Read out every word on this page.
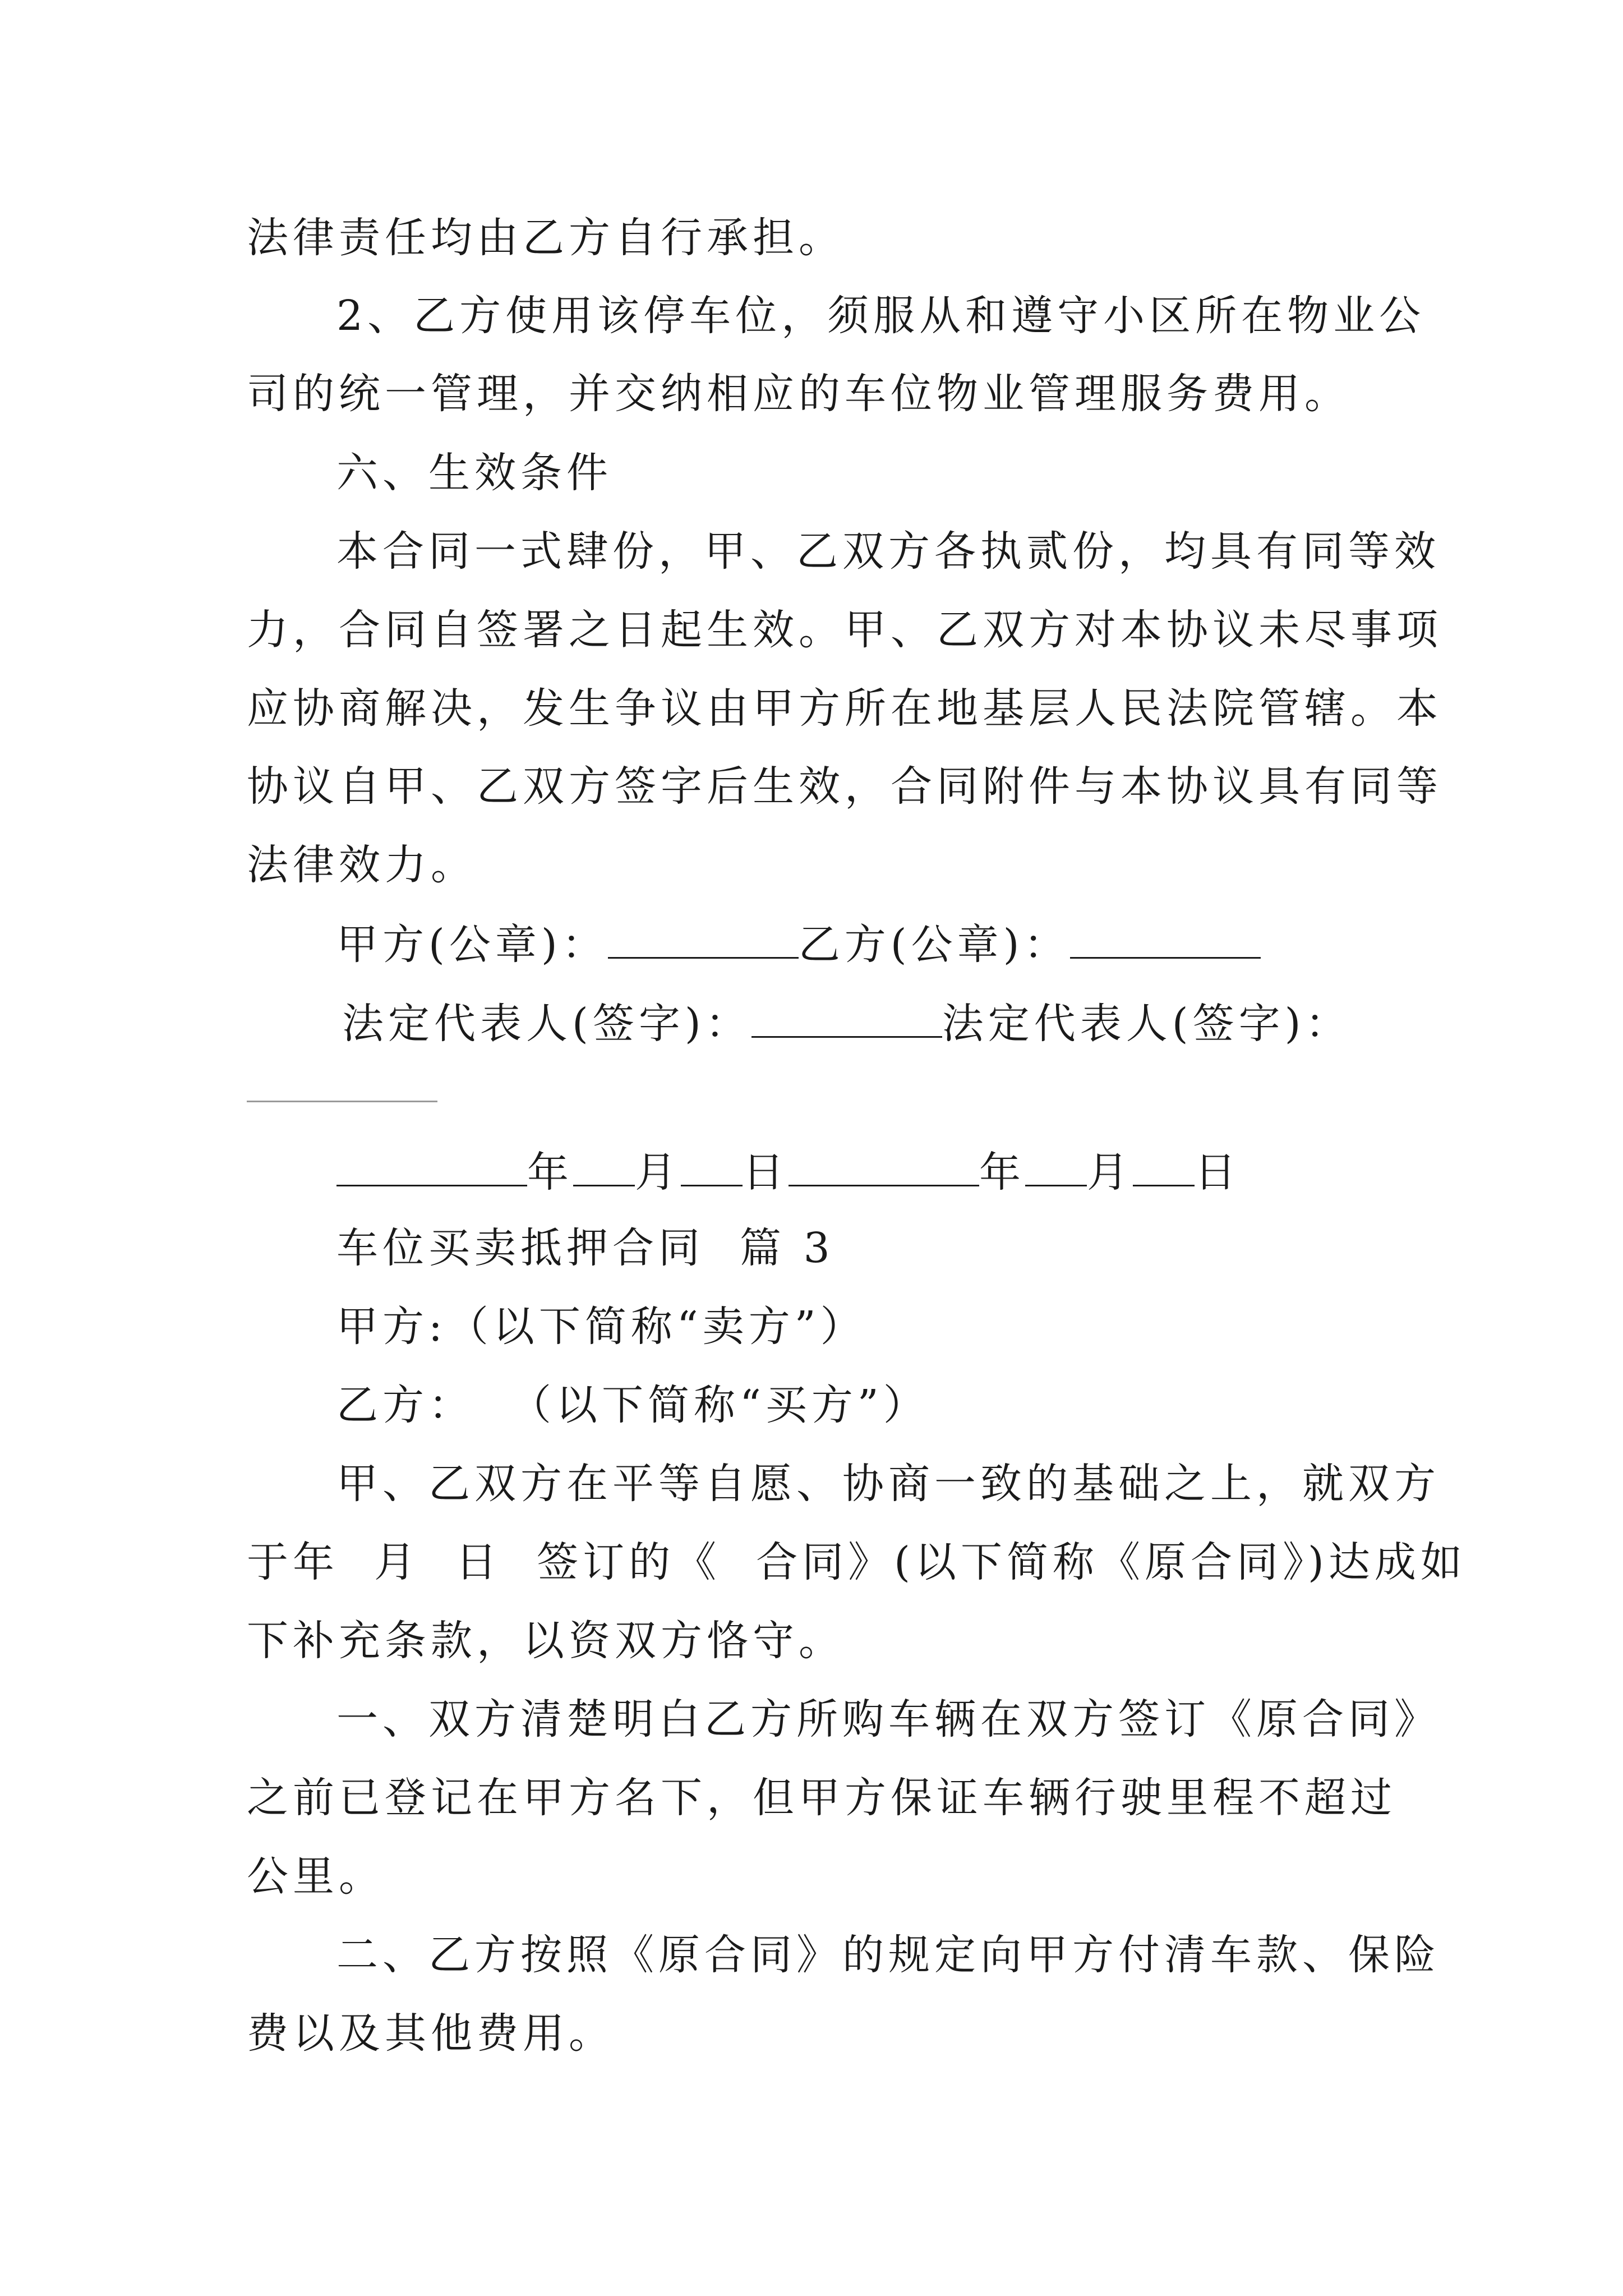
法律责任均由乙方自行承担。

2、乙方使用该停车位，须服从和遵守小区所在物业公

司的统一管理，并交纳相应的车位物业管理服务费用。

六、生效条件

本合同一式肆份，甲、乙双方各执贰份，均具有同等效

力，合同自签署之日起生效。甲、乙双方对本协议未尽事项

应协商解决，发生争议由甲方所在地基层人民法院管辖。本

协议自甲、乙双方签字后生效，合同附件与本协议具有同等

法律效力。

甲方(公章)：	乙方(公章)：

法定代表人(签字)：	法定代表人(签字)：

年 月 日	年 月 日

车位买卖抵押合同  篇 3

甲方:（以下简称“卖方”）

乙方：  （以下简称“买方”）

甲、乙双方在平等自愿、协商一致的基础之上，就双方

于年  月  日  签订的《  合同》(以下简称《原合同》)达成如

下补充条款，以资双方恪守。

一、双方清楚明白乙方所购车辆在双方签订《原合同》

之前已登记在甲方名下，但甲方保证车辆行驶里程不超过

公里。

二、乙方按照《原合同》的规定向甲方付清车款、保险

费以及其他费用。
